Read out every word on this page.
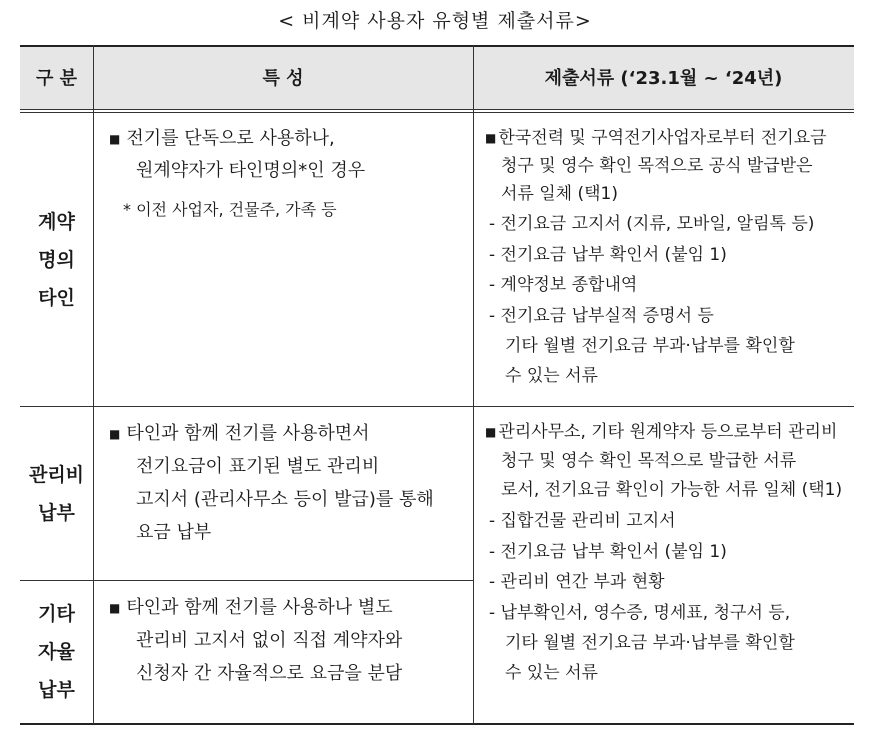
< 비계약 사용자 유형별 제출서류>
구 분	특 성	제출서류 (‘23.1월 ~ ‘24년)
계약
명의
타인
■ 전기를 단독으로 사용하나,
원계약자가 타인명의*인 경우
* 이전 사업자, 건물주, 가족 등
■ 한국전력 및 구역전기사업자로부터 전기요금
청구 및 영수 확인 목적으로 공식 발급받은
서류 일체 (택1)
- 전기요금 고지서 (지류, 모바일, 알림톡 등)
- 전기요금 납부 확인서 (붙임 1)
- 계약정보 종합내역
- 전기요금 납부실적 증명서 등
기타 월별 전기요금 부과·납부를 확인할
수 있는 서류
관리비
납부
■ 타인과 함께 전기를 사용하면서
전기요금이 표기된 별도 관리비
고지서 (관리사무소 등이 발급)를 통해
요금 납부
기타
자율
납부
■ 타인과 함께 전기를 사용하나 별도
관리비 고지서 없이 직접 계약자와
신청자 간 자율적으로 요금을 분담
■ 관리사무소, 기타 원계약자 등으로부터 관리비
청구 및 영수 확인 목적으로 발급한 서류
로서, 전기요금 확인이 가능한 서류 일체 (택1)
- 집합건물 관리비 고지서
- 전기요금 납부 확인서 (붙임 1)
- 관리비 연간 부과 현황
- 납부확인서, 영수증, 명세표, 청구서 등,
기타 월별 전기요금 부과·납부를 확인할
수 있는 서류
